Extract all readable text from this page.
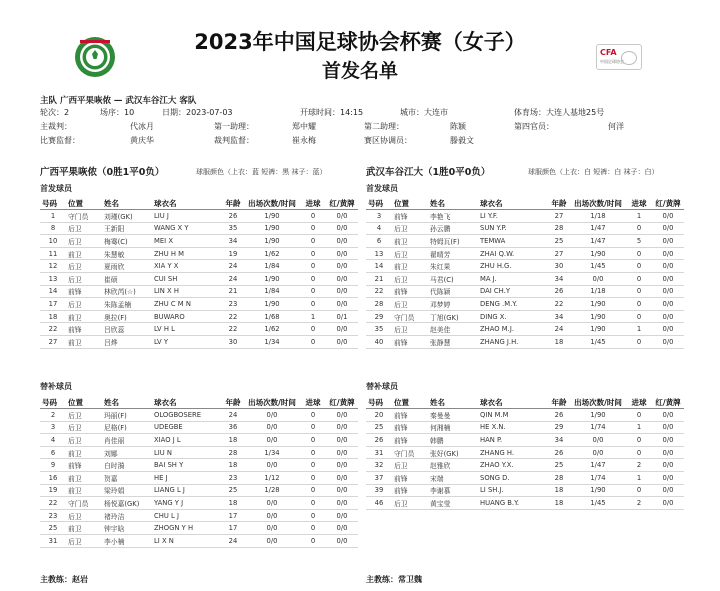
2023年中国足球协会杯赛（女子）
首发名单
CFA
中国足球协会
主队 广西平果咴侬 — 武汉车谷江大 客队
轮次：2	场序：10	日期：2023-07-03	开球时间：14:15	城市：大连市	体育场：大连人基地25号
主裁判：	代冰月	第一助理：	郑中耀	第二助理：	陈颖	第四官员：	何洋
比赛监督：	黄庆华	裁判监督：	崔永梅	赛区协调员：	滕毅文
广西平果咴侬（0胜1平0负）	球服颜色（上衣：蓝 短裤：黑 袜子：蓝）
首发球员
号码	位置	姓名	球衣名	年龄	出场次数/时间	进球	红/黄牌
1	守门员	刘瑾(GK)	LIU J	26	1/90	0	0/0
8	后卫	王新阳	WANG X Y	35	1/90	0	0/0
10	后卫	梅骞(C)	MEI X	34	1/90	0	0/0
11	前卫	朱慧敏	ZHU H M	19	1/62	0	0/0
12	后卫	夏雨欣	XIA Y X	24	1/84	0	0/0
13	后卫	崔硕	CUI SH	24	1/90	0	0/0
14	前锋	林欣芮(☆)	LIN X H	21	1/84	0	0/0
17	后卫	朱陈孟楠	ZHU C M N	23	1/90	0	0/0
18	前卫	奥拉(F)	BUWARO	22	1/68	1	0/1
22	前锋	吕欣蕊	LV H L	22	1/62	0	0/0
27	前卫	吕烨	LV Y	30	1/34	0	0/0
替补球员
号码	位置	姓名	球衣名	年龄	出场次数/时间	进球	红/黄牌
2	后卫	玛丽(F)	OLOGBOSERE	24	0/0	0	0/0
3	后卫	尼格(F)	UDEGBE	36	0/0	0	0/0
4	后卫	肖佳丽	XIAO J L	18	0/0	0	0/0
6	前卫	刘娜	LIU N	28	1/34	0	0/0
9	前锋	白时漪	BAI SH Y	18	0/0	0	0/0
16	前卫	贺嘉	HE J	23	1/12	0	0/0
19	前卫	梁玲娟	LIANG L J	25	1/28	0	0/0
22	守门员	杨悦嘉(GK)	YANG Y J	18	0/0	0	0/0
23	后卫	褚玲洁	CHU L J	17	0/0	0	0/0
25	前卫	钟宇晗	ZHOGN Y H	17	0/0	0	0/0
31	后卫	李小楠	LI X N	24	0/0	0	0/0
武汉车谷江大（1胜0平0负）	球服颜色（上衣：白 短裤：白 袜子：白）
首发球员
号码	位置	姓名	球衣名	年龄	出场次数/时间	进球	红/黄牌
3	前锋	李艳飞	LI Y.F.	27	1/18	1	0/0
4	后卫	孙云鹏	SUN Y.P.	28	1/47	0	0/0
6	前卫	特姆瓦(F)	TEMWA	25	1/47	5	0/0
13	后卫	翟晴芳	ZHAI Q.W.	27	1/90	0	0/0
14	前卫	朱红果	ZHU H.G.	30	1/45	0	0/0
21	后卫	马君(C)	MA J.	34	0/0	0	0/0
22	前锋	代陈颖	DAI CH.Y	26	1/18	0	0/0
28	后卫	邓梦婷	DENG .M.Y.	22	1/90	0	0/0
29	守门员	丁旭(GK)	DING X.	34	1/90	0	0/0
35	后卫	赵美佳	ZHAO M.J.	24	1/90	1	0/0
40	前锋	张静慧	ZHANG J.H.	18	1/45	0	0/0
替补球员
号码	位置	姓名	球衣名	年龄	出场次数/时间	进球	红/黄牌
20	前锋	秦曼曼	QIN M.M	26	1/90	0	0/0
25	前锋	何湘楠	HE X.N.	29	1/74	1	0/0
26	前锋	韩鹏	HAN P.	34	0/0	0	0/0
31	守门员	张好(GK)	ZHANG H.	26	0/0	0	0/0
32	后卫	赵雅欣	ZHAO Y.X.	25	1/47	2	0/0
37	前锋	宋端	SONG D.	28	1/74	1	0/0
39	前锋	李谢慕	LI SH.J.	18	1/90	0	0/0
46	后卫	黄宝莹	HUANG B.Y.	18	1/45	2	0/0
主教练：赵岩	主教练：常卫魏
